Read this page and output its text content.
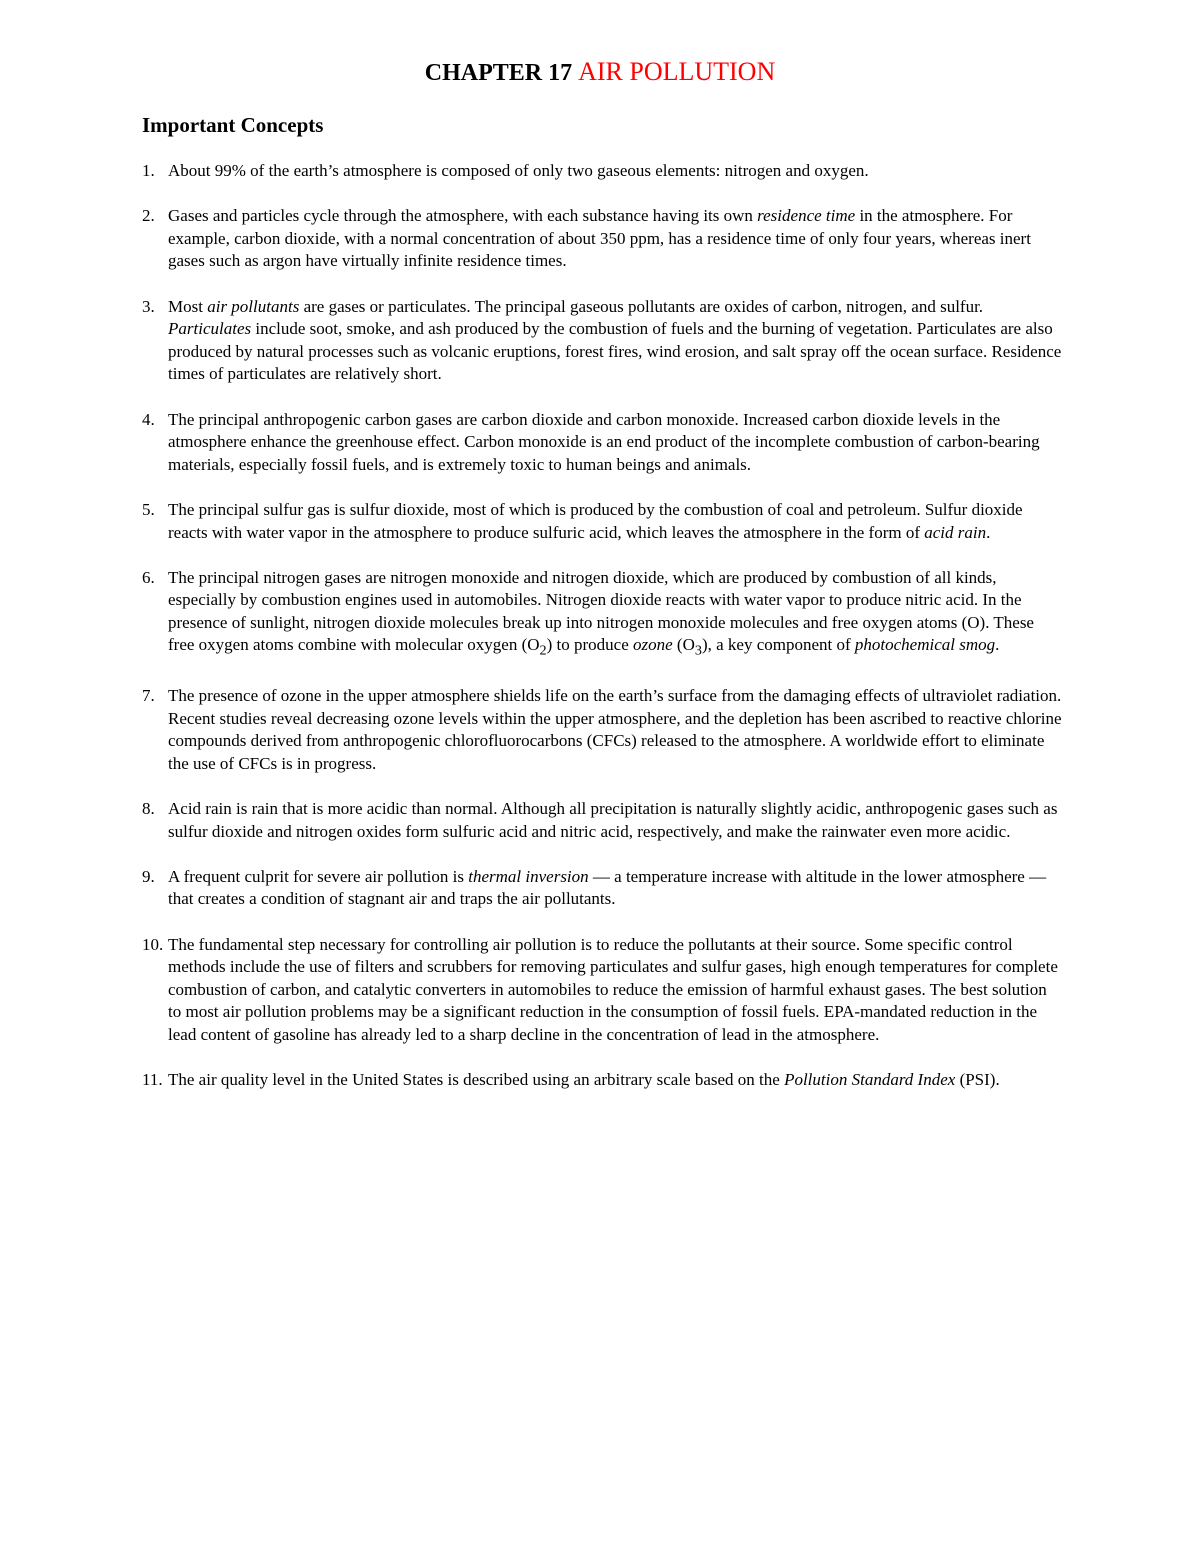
CHAPTER 17 AIR POLLUTION
Important Concepts
1. About 99% of the earth’s atmosphere is composed of only two gaseous elements: nitrogen and oxygen.
2. Gases and particles cycle through the atmosphere, with each substance having its own residence time in the atmosphere. For example, carbon dioxide, with a normal concentration of about 350 ppm, has a residence time of only four years, whereas inert gases such as argon have virtually infinite residence times.
3. Most air pollutants are gases or particulates. The principal gaseous pollutants are oxides of carbon, nitrogen, and sulfur. Particulates include soot, smoke, and ash produced by the combustion of fuels and the burning of vegetation. Particulates are also produced by natural processes such as volcanic eruptions, forest fires, wind erosion, and salt spray off the ocean surface. Residence times of particulates are relatively short.
4. The principal anthropogenic carbon gases are carbon dioxide and carbon monoxide. Increased carbon dioxide levels in the atmosphere enhance the greenhouse effect. Carbon monoxide is an end product of the incomplete combustion of carbon-bearing materials, especially fossil fuels, and is extremely toxic to human beings and animals.
5. The principal sulfur gas is sulfur dioxide, most of which is produced by the combustion of coal and petroleum. Sulfur dioxide reacts with water vapor in the atmosphere to produce sulfuric acid, which leaves the atmosphere in the form of acid rain.
6. The principal nitrogen gases are nitrogen monoxide and nitrogen dioxide, which are produced by combustion of all kinds, especially by combustion engines used in automobiles. Nitrogen dioxide reacts with water vapor to produce nitric acid. In the presence of sunlight, nitrogen dioxide molecules break up into nitrogen monoxide molecules and free oxygen atoms (O). These free oxygen atoms combine with molecular oxygen $(O_2)$ to produce ozone $(O_3)$, a key component of photochemical smog.
7. The presence of ozone in the upper atmosphere shields life on the earth’s surface from the damaging effects of ultraviolet radiation. Recent studies reveal decreasing ozone levels within the upper atmosphere, and the depletion has been ascribed to reactive chlorine compounds derived from anthropogenic chlorofluorocarbons (CFCs) released to the atmosphere. A worldwide effort to eliminate the use of CFCs is in progress.
8. Acid rain is rain that is more acidic than normal. Although all precipitation is naturally slightly acidic, anthropogenic gases such as sulfur dioxide and nitrogen oxides form sulfuric acid and nitric acid, respectively, and make the rainwater even more acidic.
9. A frequent culprit for severe air pollution is thermal inversion — a temperature increase with altitude in the lower atmosphere — that creates a condition of stagnant air and traps the air pollutants.
10. The fundamental step necessary for controlling air pollution is to reduce the pollutants at their source. Some specific control methods include the use of filters and scrubbers for removing particulates and sulfur gases, high enough temperatures for complete combustion of carbon, and catalytic converters in automobiles to reduce the emission of harmful exhaust gases. The best solution to most air pollution problems may be a significant reduction in the consumption of fossil fuels. EPA-mandated reduction in the lead content of gasoline has already led to a sharp decline in the concentration of lead in the atmosphere.
11. The air quality level in the United States is described using an arbitrary scale based on the Pollution Standard Index (PSI).
